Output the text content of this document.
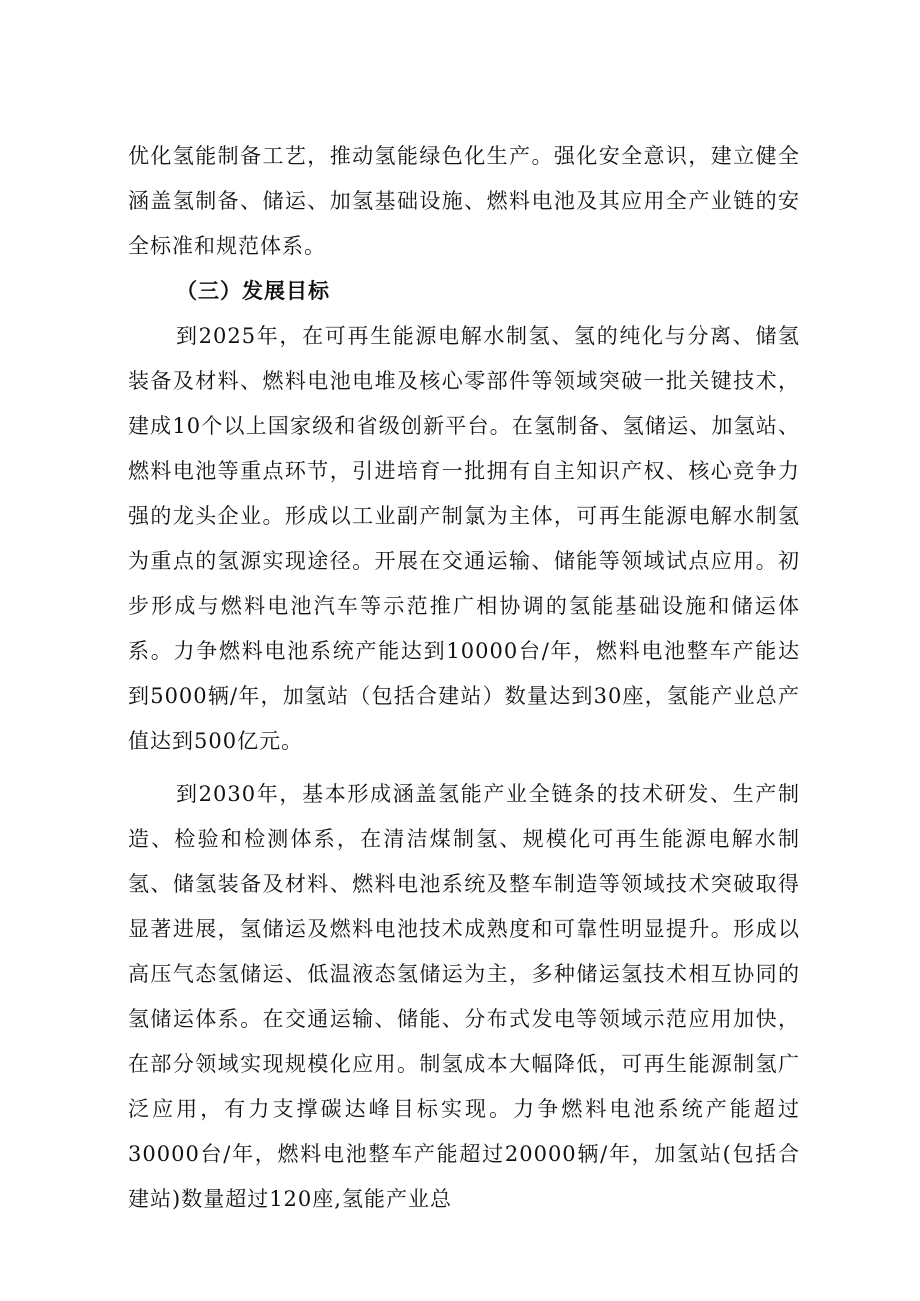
优化氢能制备工艺，推动氢能绿色化生产。强化安全意识，建立健全涵盖氢制备、储运、加氢基础设施、燃料电池及其应用全产业链的安全标准和规范体系。

（三）发展目标

到2025年，在可再生能源电解水制氢、氢的纯化与分离、储氢装备及材料、燃料电池电堆及核心零部件等领域突破一批关键技术，建成10个以上国家级和省级创新平台。在氢制备、氢储运、加氢站、燃料电池等重点环节，引进培育一批拥有自主知识产权、核心竞争力强的龙头企业。形成以工业副产制氯为主体，可再生能源电解水制氢为重点的氢源实现途径。开展在交通运输、储能等领域试点应用。初步形成与燃料电池汽车等示范推广相协调的氢能基础设施和储运体系。力争燃料电池系统产能达到10000台/年，燃料电池整车产能达到5000辆/年，加氢站（包括合建站）数量达到30座，氢能产业总产值达到500亿元。

到2030年，基本形成涵盖氢能产业全链条的技术研发、生产制造、检验和检测体系，在清洁煤制氢、规模化可再生能源电解水制氢、储氢装备及材料、燃料电池系统及整车制造等领域技术突破取得显著进展，氢储运及燃料电池技术成熟度和可靠性明显提升。形成以高压气态氢储运、低温液态氢储运为主，多种储运氢技术相互协同的氢储运体系。在交通运输、储能、分布式发电等领域示范应用加快，在部分领域实现规模化应用。制氢成本大幅降低，可再生能源制氢广泛应用，有力支撑碳达峰目标实现。力争燃料电池系统产能超过30000台/年，燃料电池整车产能超过20000辆/年，加氢站(包括合建站)数量超过120座,氢能产业总
